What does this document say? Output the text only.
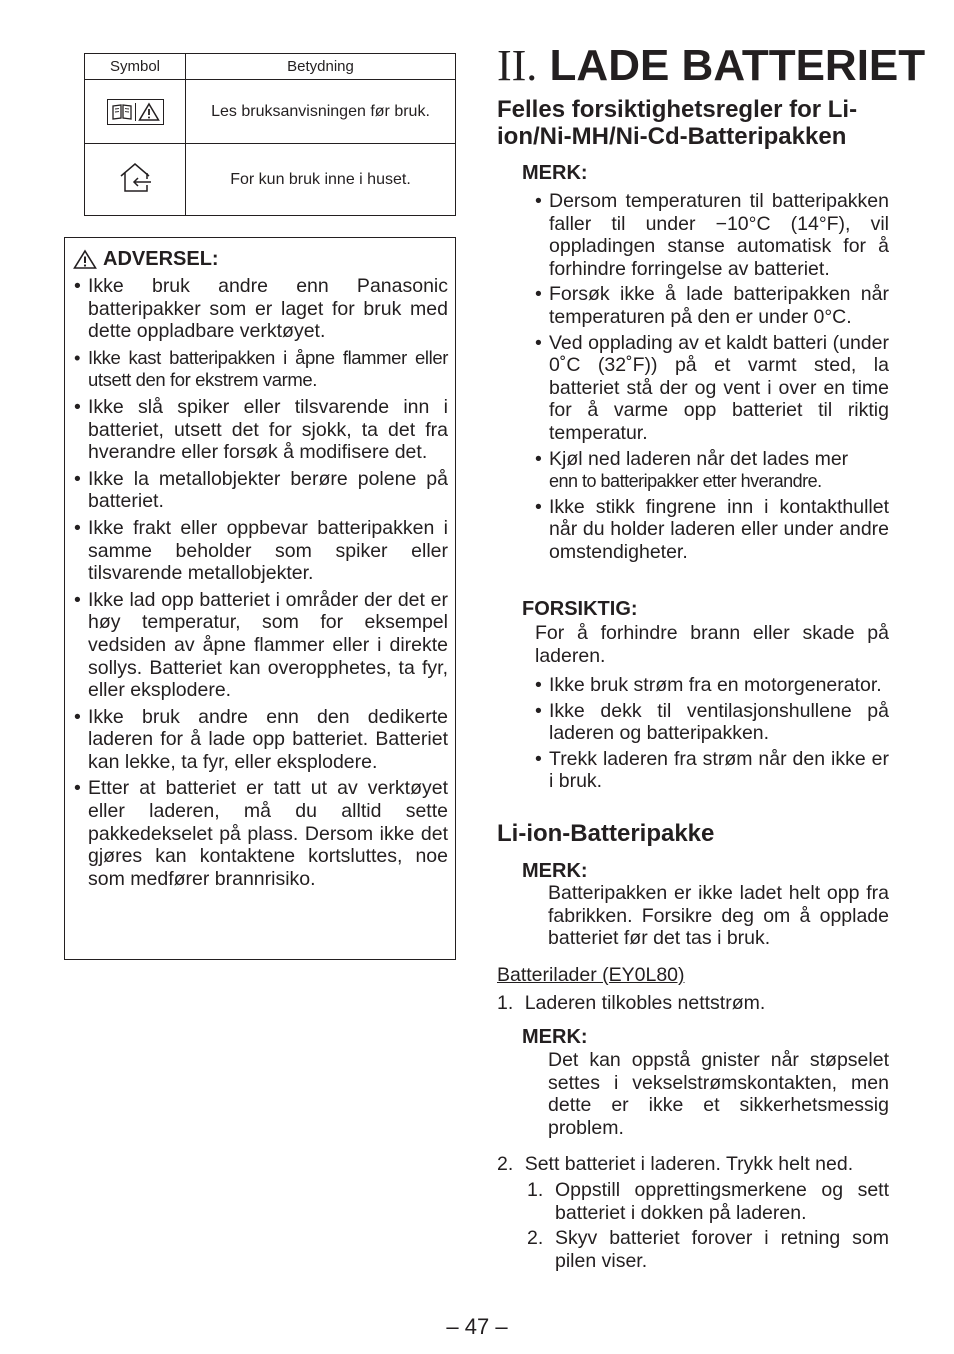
Symbol	Betydning

	Les bruksanvisningen før bruk.
	For kun bruk inne i huset.
ADVERSEL:
• Ikke bruk andre enn Panasonic batteripakker som er laget for bruk med dette oppladbare verktøyet.
• Ikke kast batteripakken i åpne flammer eller utsett den for ekstrem varme.
• Ikke slå spiker eller tilsvarende inn i batteriet, utsett det for sjokk, ta det fra hverandre eller forsøk å modifisere det.
• Ikke la metallobjekter berøre polene på batteriet.
• Ikke frakt eller oppbevar batteripakken i samme beholder som spiker eller tilsvarende metallobjekter.
• Ikke lad opp batteriet i områder der det er høy temperatur, som for eksempel vedsiden av åpne flammer eller i direkte sollys. Batteriet kan overopphetes, ta fyr, eller eksplodere.
• Ikke bruk andre enn den dedikerte laderen for å lade opp batteriet. Batteriet kan lekke, ta fyr, eller eksplodere.
• Etter at batteriet er tatt ut av verktøyet eller laderen, må du alltid sette pakkedekselet på plass. Dersom ikke det gjøres kan kontaktene kortsluttes, noe som medfører brannrisiko.
II. LADE BATTERIET
Felles forsiktighetsregler for Li-ion/Ni-MH/Ni-Cd-Batteripakken
MERK:
• Dersom temperaturen til batteripakken faller til under −10°C (14°F), vil oppladingen stanse automatisk for å forhindre forringelse av batteriet.
• Forsøk ikke å lade batteripakken når temperaturen på den er under 0°C.
• Ved opplading av et kaldt batteri (under 0˚C (32˚F)) på et varmt sted, la batteriet stå der og vent i over en time for å varme opp batteriet til riktig temperatur.
• Kjøl ned laderen når det lades mer
enn to batteripakker etter hverandre.
• Ikke stikk fingrene inn i kontakthullet når du holder laderen eller under andre omstendigheter.
FORSIKTIG:
For å forhindre brann eller skade på laderen.
• Ikke bruk strøm fra en motorgenerator.
• Ikke dekk til ventilasjonshullene på laderen og batteripakken.
• Trekk laderen fra strøm når den ikke er i bruk.
Li-ion-Batteripakke
MERK:
Batteripakken er ikke ladet helt opp fra fabrikken. Forsikre deg om å opplade batteriet før det tas i bruk.
Batterilader (EY0L80)
1. Laderen tilkobles nettstrøm.
MERK:
Det kan oppstå gnister når støpselet settes i vekselstrømskontakten, men dette er ikke et sikkerhetsmessig problem.
2. Sett batteriet i laderen. Trykk helt ned.
1. Oppstill opprettingsmerkene og sett batteriet i dokken på laderen.
2. Skyv batteriet forover i retning som pilen viser.
– 47 –
